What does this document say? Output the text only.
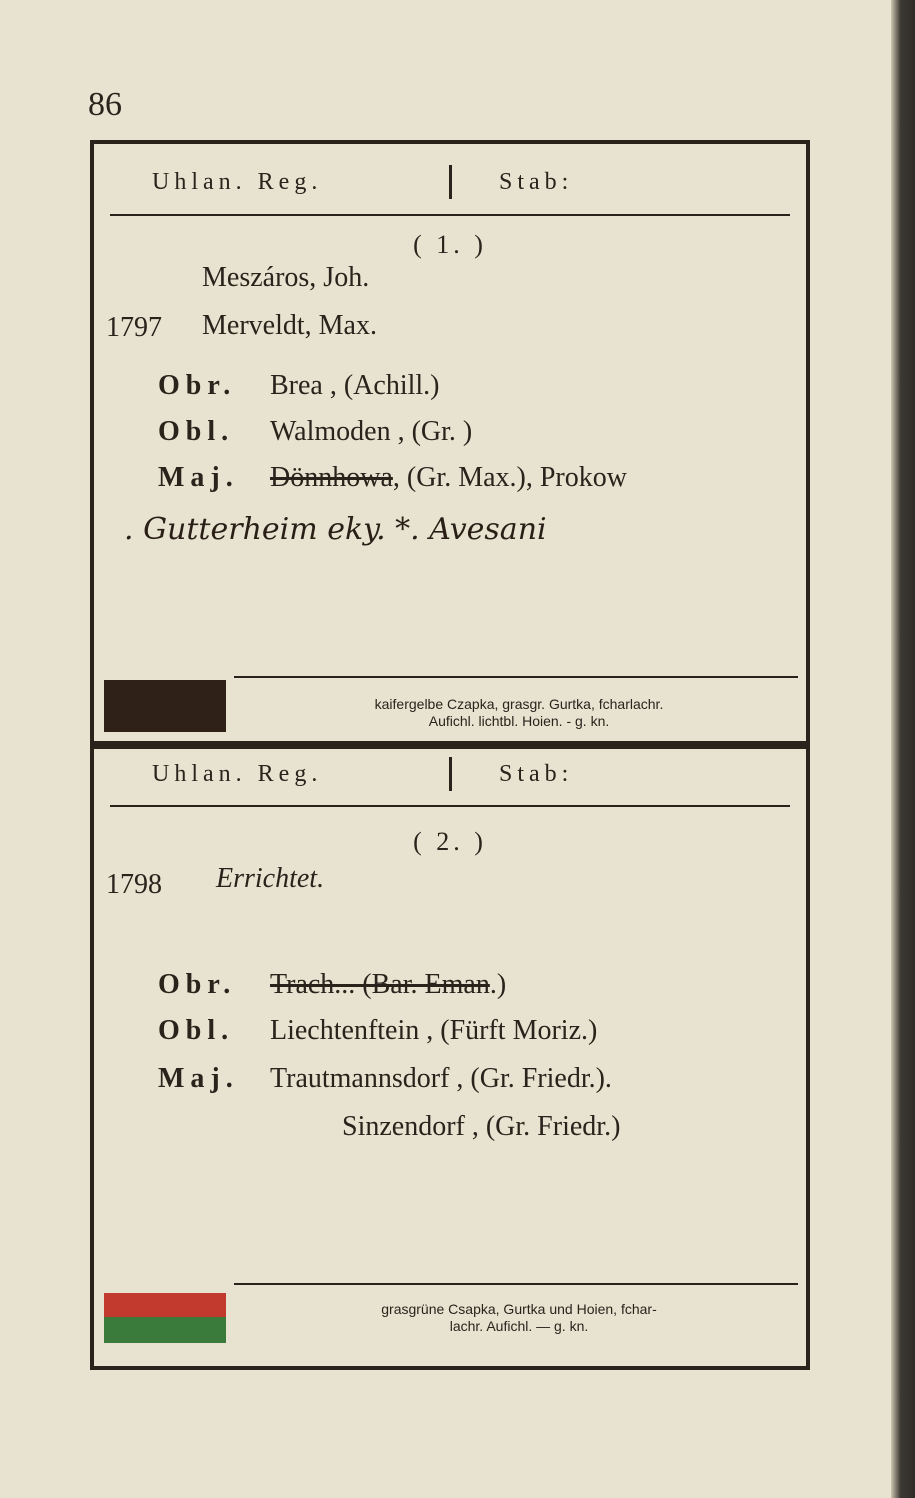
86
Uhlan. Reg.	Stab:
( 1. )
Meszáros, Joh.
1797 Merveldt, Max.
Obr. Brea , (Achill.)
Obl. Walmoden , (Gr. )
Maj. Dönnhowa, (Gr. Max.), Prokow
. Gutterheim eky. *. Avesani
kaifergelbe Czapka, grasgr. Gurtka, fcharlachr.
Aufichl. lichtbl. Hoien. - g. kn.
Uhlan. Reg.	Stab:
( 2. )
1798 Errichtet.
Obr. Trach... (Bar. Eman.)
Obl. Liechtenftein , (Fürft Moriz.)
Maj. Trautmannsdorf , (Gr. Friedr.).
Sinzendorf , (Gr. Friedr.)
grasgrüne Csapka, Gurtka und Hoien, fchar-
lachr. Aufichl. — g. kn.
